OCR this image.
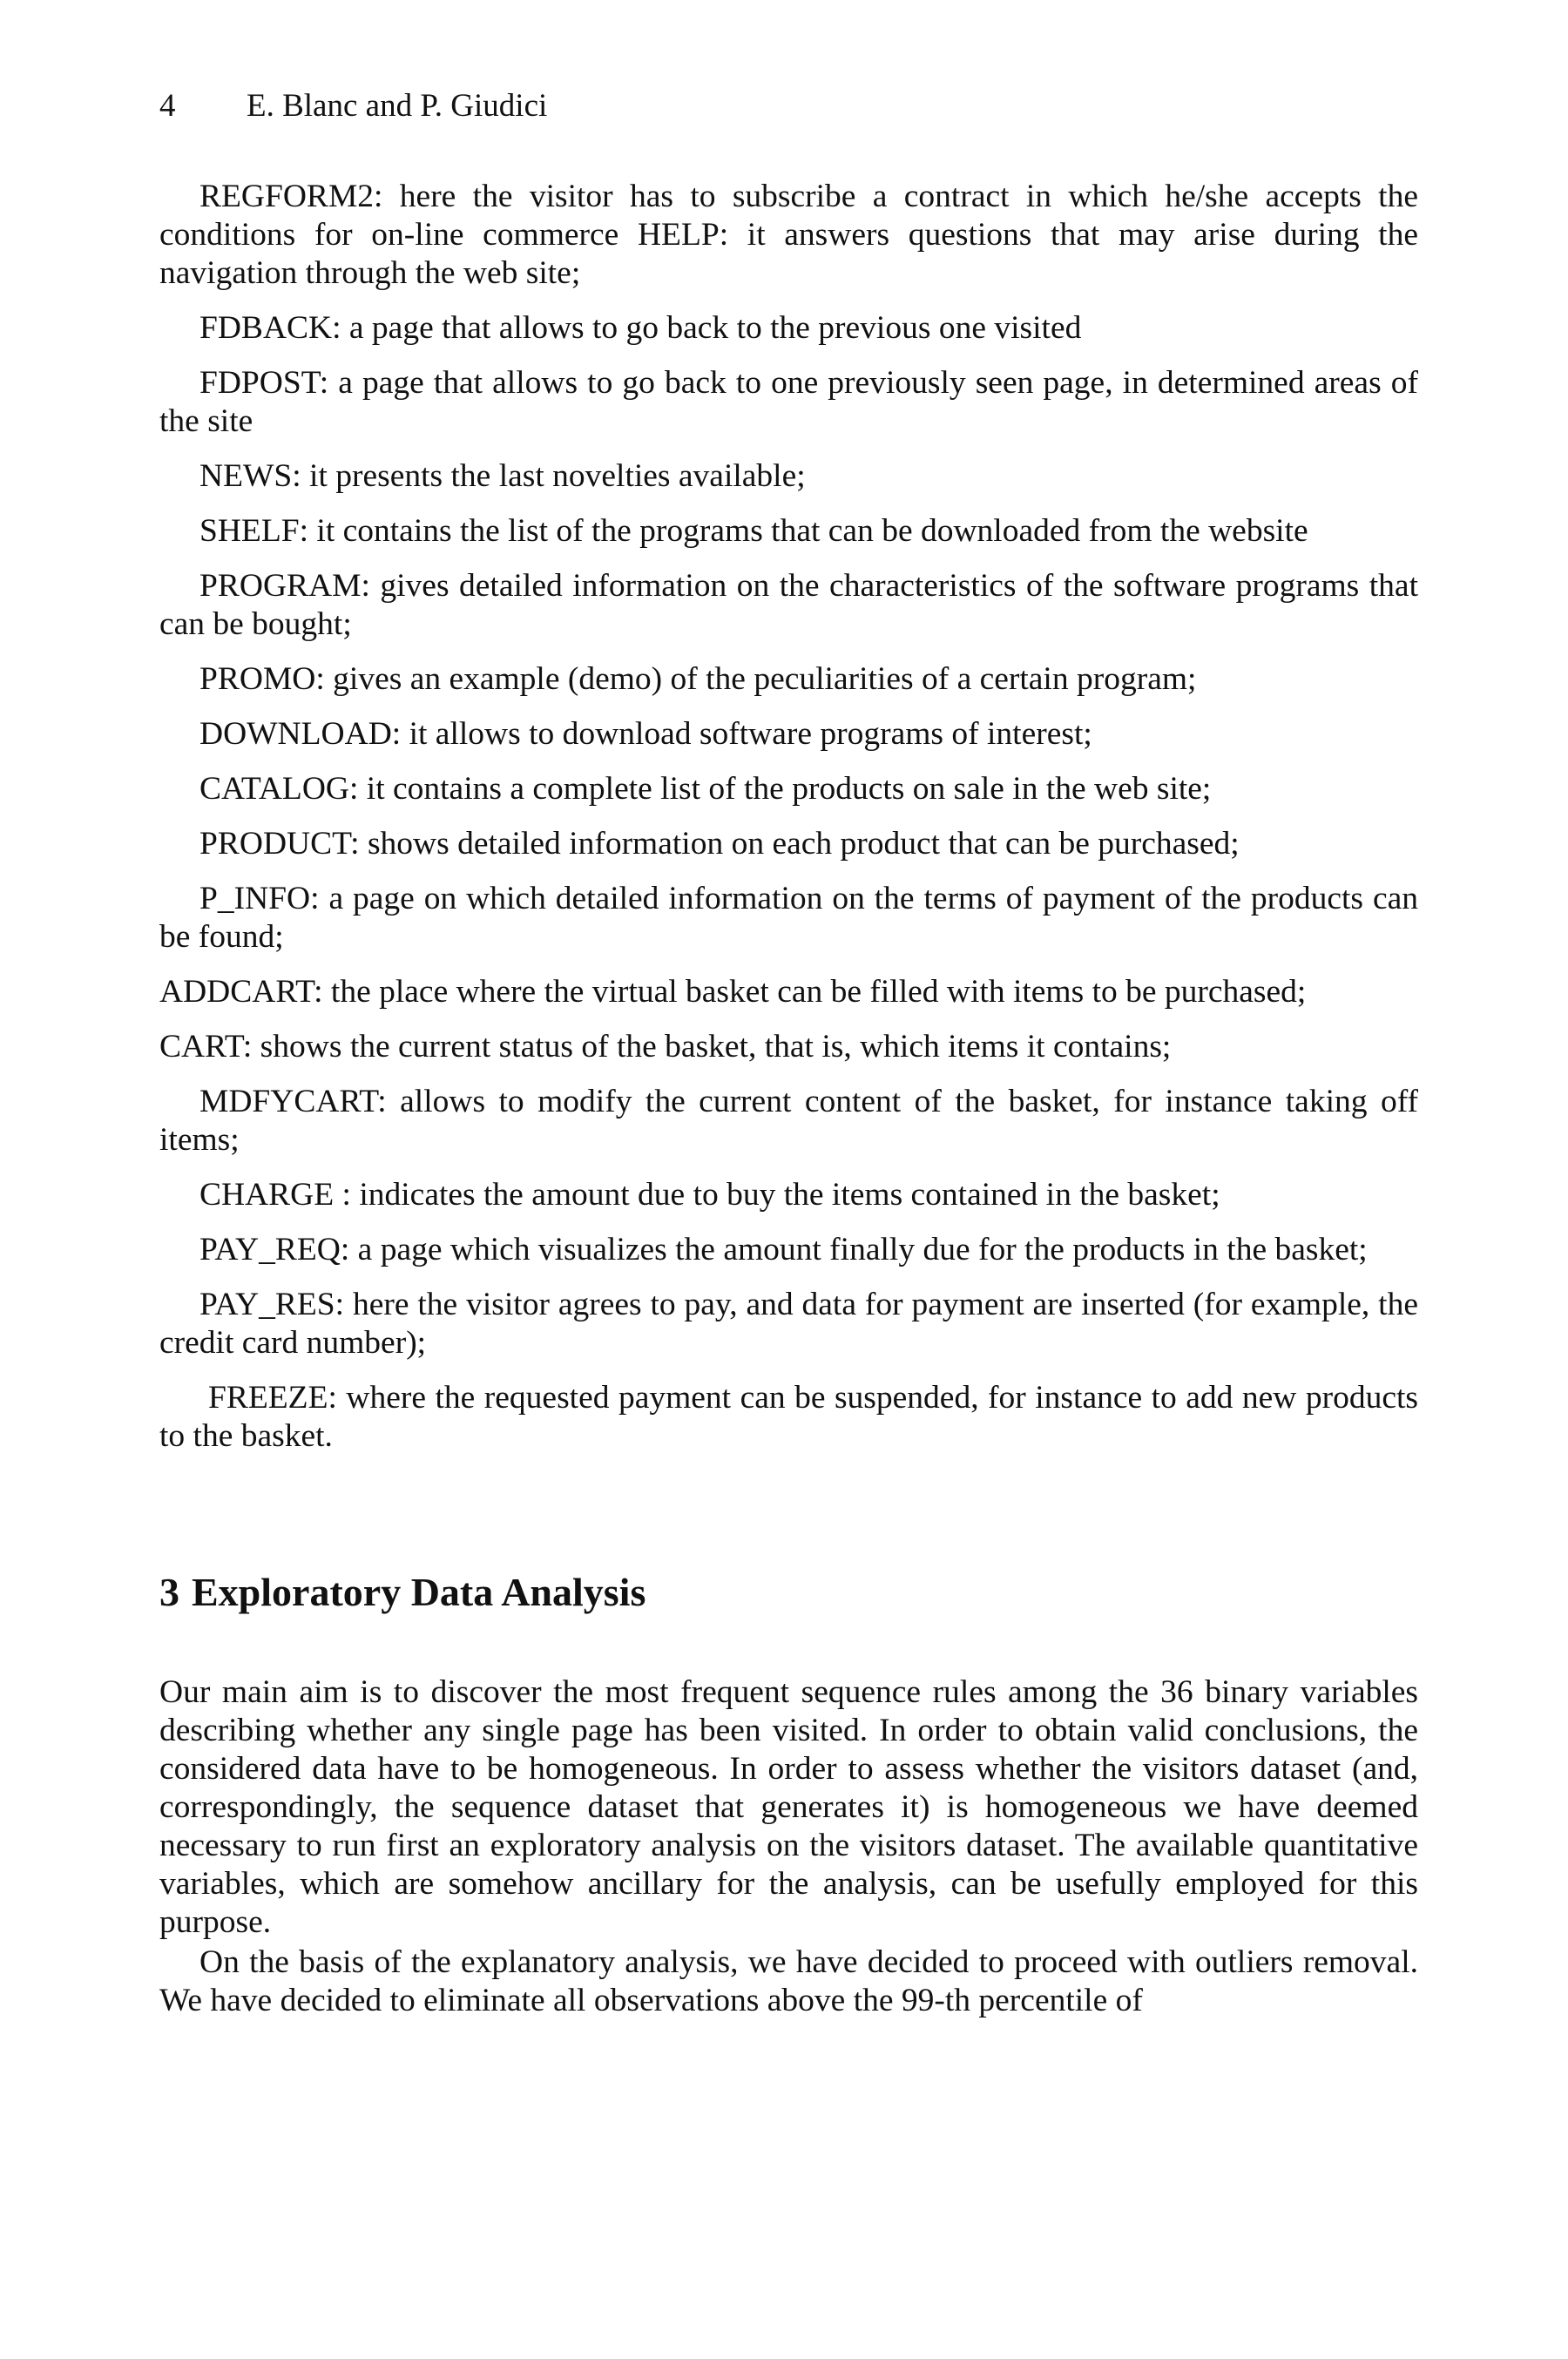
4 E. Blanc and P. Giudici

REGFORM2: here the visitor has to subscribe a contract in which he/she accepts the conditions for on-line commerce HELP: it answers questions that may arise during the navigation through the web site;

FDBACK: a page that allows to go back to the previous one visited

FDPOST: a page that allows to go back to one previously seen page, in determined areas of the site

NEWS: it presents the last novelties available;

SHELF: it contains the list of the programs that can be downloaded from the website

PROGRAM: gives detailed information on the characteristics of the software programs that can be bought;

PROMO: gives an example (demo) of the peculiarities of a certain program;

DOWNLOAD: it allows to download software programs of interest;

CATALOG: it contains a complete list of the products on sale in the web site;

PRODUCT: shows detailed information on each product that can be purchased;

P_INFO: a page on which detailed information on the terms of payment of the products can be found;

ADDCART: the place where the virtual basket can be filled with items to be purchased;

CART: shows the current status of the basket, that is, which items it contains;

MDFYCART: allows to modify the current content of the basket, for instance taking off items;

CHARGE : indicates the amount due to buy the items contained in the basket;

PAY_REQ: a page which visualizes the amount finally due for the products in the basket;

PAY_RES: here the visitor agrees to pay, and data for payment are inserted (for example, the credit card number);

FREEZE: where the requested payment can be suspended, for instance to add new products to the basket.

3 Exploratory Data Analysis

Our main aim is to discover the most frequent sequence rules among the 36 binary variables describing whether any single page has been visited. In order to obtain valid conclusions, the considered data have to be homogeneous. In order to assess whether the visitors dataset (and, correspondingly, the sequence dataset that generates it) is homogeneous we have deemed necessary to run first an exploratory analysis on the visitors dataset. The available quantitative variables, which are somehow ancillary for the analysis, can be usefully employed for this purpose.

On the basis of the explanatory analysis, we have decided to proceed with outliers removal. We have decided to eliminate all observations above the 99-th percentile of
